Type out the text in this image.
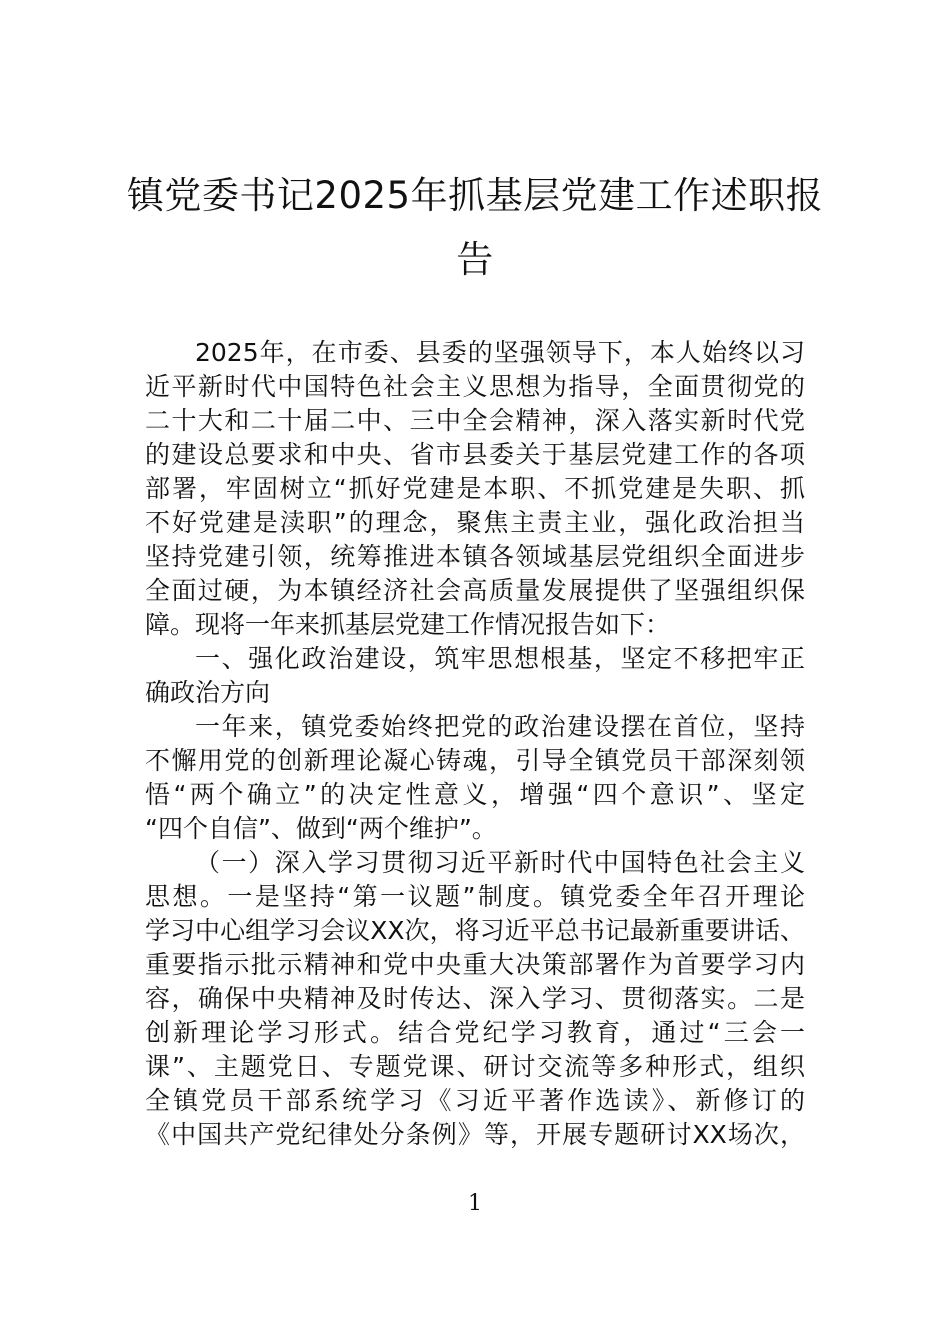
镇党委书记2025年抓基层党建工作述职报
告
2025年，在市委、县委的坚强领导下，本人始终以习
近平新时代中国特色社会主义思想为指导，全面贯彻党的
二十大和二十届二中、三中全会精神，深入落实新时代党
的建设总要求和中央、省市县委关于基层党建工作的各项
部署，牢固树立“抓好党建是本职、不抓党建是失职、抓
不好党建是渎职”的理念，聚焦主责主业，强化政治担当
坚持党建引领，统筹推进本镇各领域基层党组织全面进步
全面过硬，为本镇经济社会高质量发展提供了坚强组织保
障。现将一年来抓基层党建工作情况报告如下：
一、强化政治建设，筑牢思想根基，坚定不移把牢正
确政治方向
一年来，镇党委始终把党的政治建设摆在首位，坚持
不懈用党的创新理论凝心铸魂，引导全镇党员干部深刻领
悟“两个确立”的决定性意义，增强“四个意识”、坚定
“四个自信”、做到“两个维护”。
（一）深入学习贯彻习近平新时代中国特色社会主义
思想。一是坚持“第一议题”制度。镇党委全年召开理论
学习中心组学习会议XX次，将习近平总书记最新重要讲话、
重要指示批示精神和党中央重大决策部署作为首要学习内
容，确保中央精神及时传达、深入学习、贯彻落实。二是
创新理论学习形式。结合党纪学习教育，通过“三会一
课”、主题党日、专题党课、研讨交流等多种形式，组织
全镇党员干部系统学习《习近平著作选读》、新修订的
《中国共产党纪律处分条例》等，开展专题研讨XX场次，
1
